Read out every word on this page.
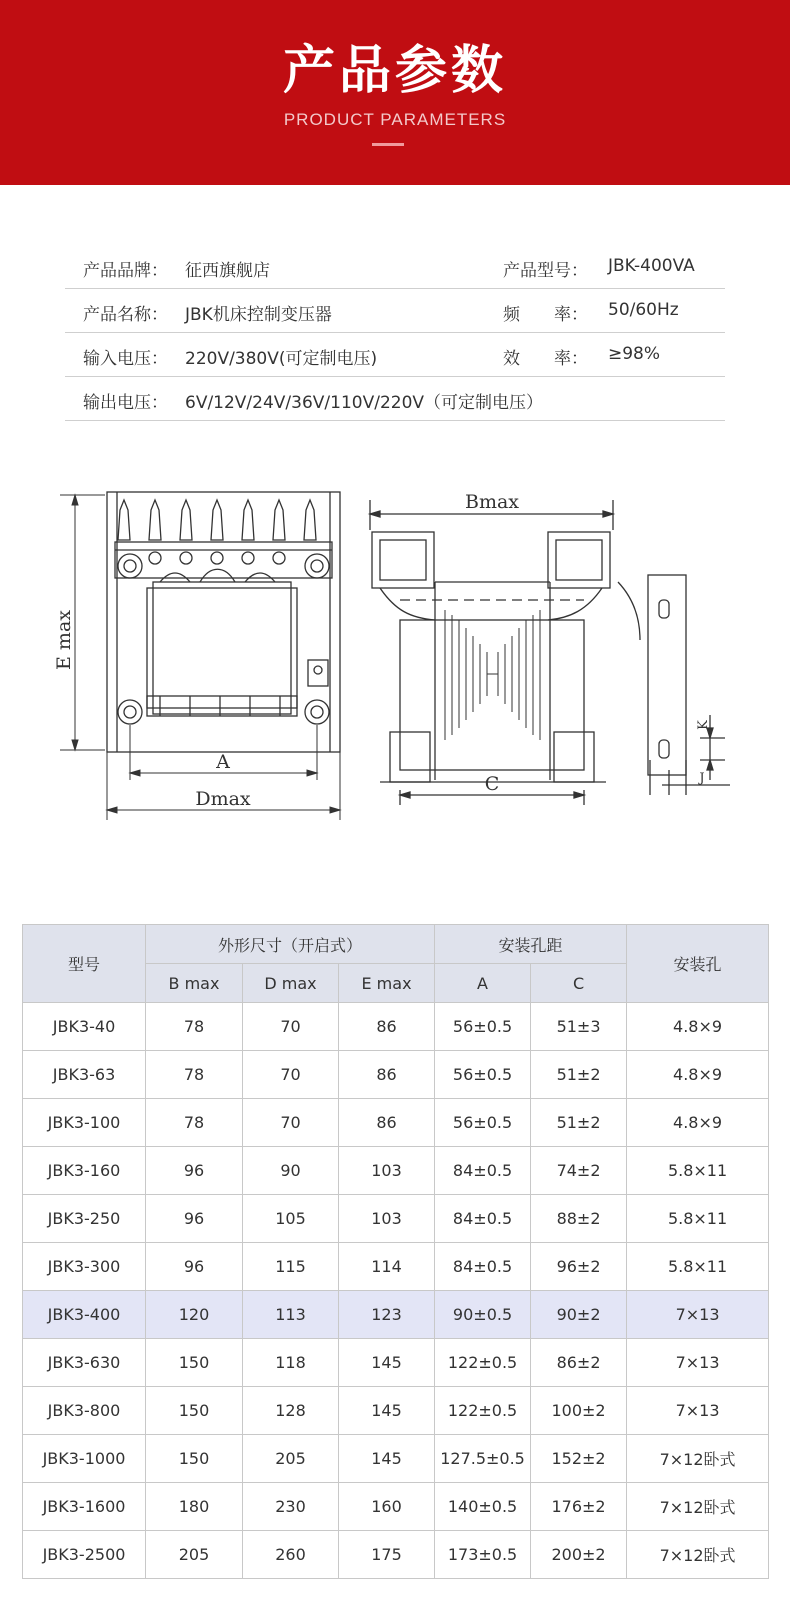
产品参数
PRODUCT PARAMETERS
产品品牌： 征西旗舰店	产品型号： JBK-400VA
产品名称： JBK机床控制变压器	频　　率： 50/60Hz
输入电压： 220V/380V(可定制电压)	效　　率： ≥98%
输出电压： 6V/12V/24V/36V/110V/220V（可定制电压）
E max
A
Dmax
Bmax
C
K
J
型号	外形尺寸（开启式）			安装孔距		安装孔
	B max	D max	E max	A	C	
JBK3-40	78	70	86	56±0.5	51±3	4.8×9
JBK3-63	78	70	86	56±0.5	51±2	4.8×9
JBK3-100	78	70	86	56±0.5	51±2	4.8×9
JBK3-160	96	90	103	84±0.5	74±2	5.8×11
JBK3-250	96	105	103	84±0.5	88±2	5.8×11
JBK3-300	96	115	114	84±0.5	96±2	5.8×11
JBK3-400	120	113	123	90±0.5	90±2	7×13
JBK3-630	150	118	145	122±0.5	86±2	7×13
JBK3-800	150	128	145	122±0.5	100±2	7×13
JBK3-1000	150	205	145	127.5±0.5	152±2	7×12卧式
JBK3-1600	180	230	160	140±0.5	176±2	7×12卧式
JBK3-2500	205	260	175	173±0.5	200±2	7×12卧式
